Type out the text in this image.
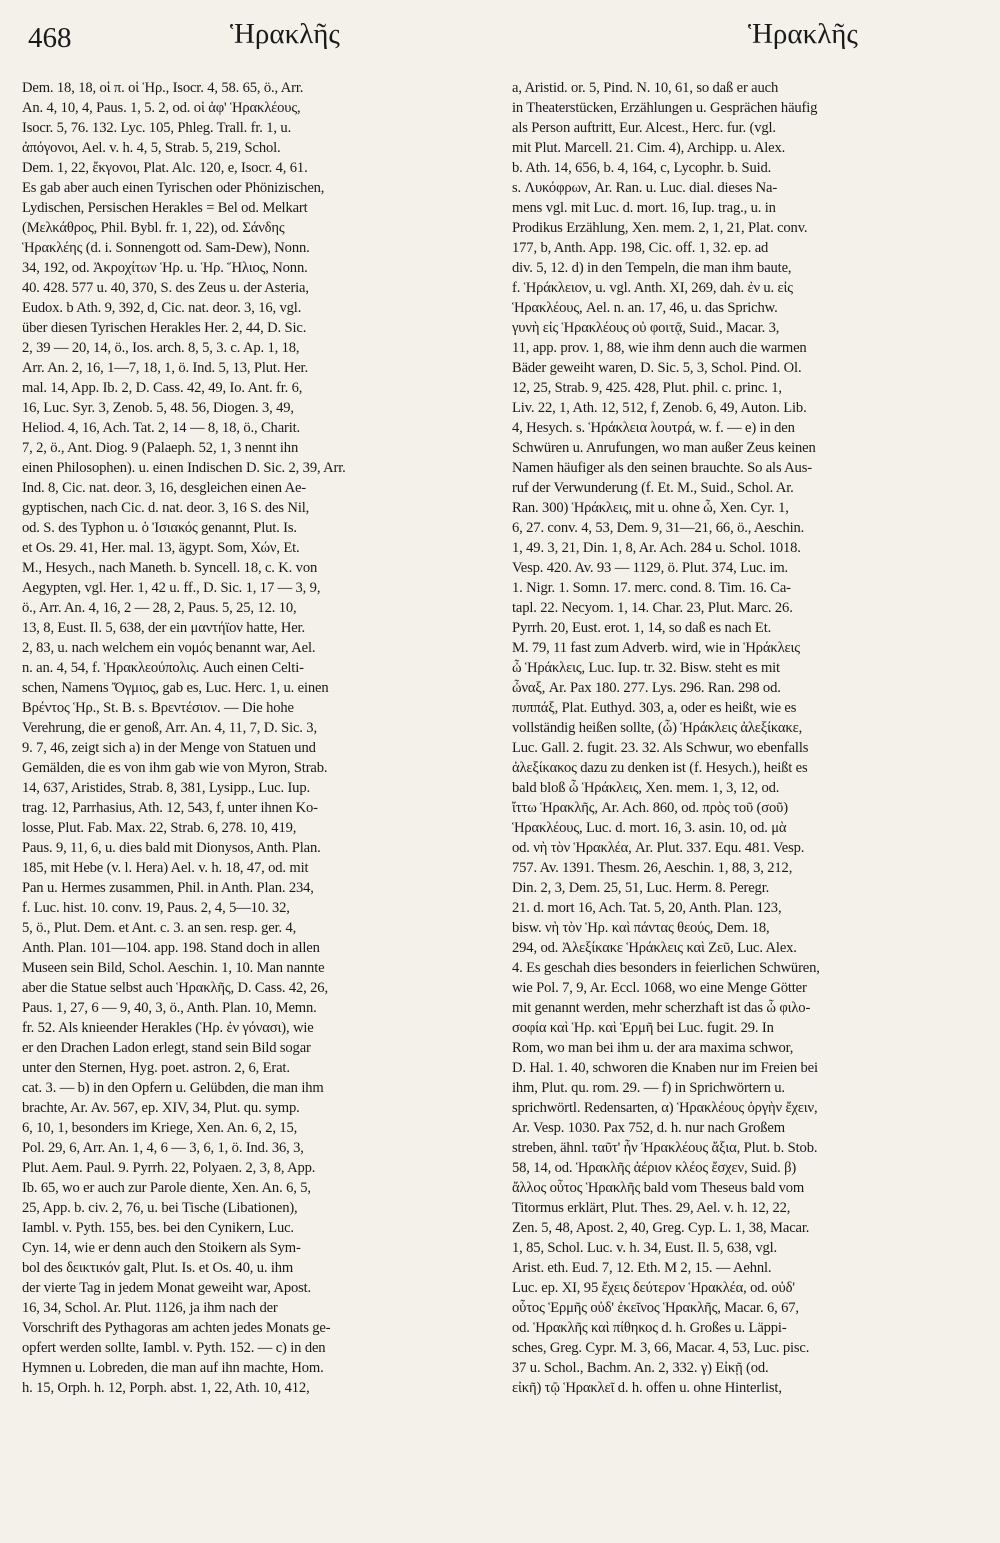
468	Ἡρακλῆς	Ἡρακλῆς
Dem. 18, 18, οἱ π. οἱ Ἡρ., Isocr. 4, 58. 65, ö., Arr.
An. 4, 10, 4, Paus. 1, 5. 2, od. οἱ ἀφ' Ἡρακλέους,
Isocr. 5, 76. 132. Lyc. 105, Phleg. Trall. fr. 1, u.
ἀπόγονοι, Ael. v. h. 4, 5, Strab. 5, 219, Schol.
Dem. 1, 22, ἔκγονοι, Plat. Alc. 120, e, Isocr. 4, 61.
Es gab aber auch einen Tyrischen oder Phönizischen,
Lydischen, Persischen Herakles = Bel od. Melkart
(Μελκάθρος, Phil. Bybl. fr. 1, 22), od. Σάνδης
Ἡρακλέης (d. i. Sonnengott od. Sam-Dew), Nonn.
34, 192, od. Ἀκροχίτων Ἡρ. u. Ἡρ. Ἥλιος, Nonn.
40. 428. 577 u. 40, 370, S. des Zeus u. der Asteria,
Eudox. b Ath. 9, 392, d, Cic. nat. deor. 3, 16, vgl.
über diesen Tyrischen Herakles Her. 2, 44, D. Sic.
2, 39 — 20, 14, ö., Ios. arch. 8, 5, 3. c. Ap. 1, 18,
Arr. An. 2, 16, 1—7, 18, 1, ö. Ind. 5, 13, Plut. Her.
mal. 14, App. Ib. 2, D. Cass. 42, 49, Io. Ant. fr. 6,
16, Luc. Syr. 3, Zenob. 5, 48. 56, Diogen. 3, 49,
Heliod. 4, 16, Ach. Tat. 2, 14 — 8, 18, ö., Charit.
7, 2, ö., Ant. Diog. 9 (Palaeph. 52, 1, 3 nennt ihn
einen Philosophen). u. einen Indischen D. Sic. 2, 39, Arr.
Ind. 8, Cic. nat. deor. 3, 16, desgleichen einen Ae-
gyptischen, nach Cic. d. nat. deor. 3, 16 S. des Nil,
od. S. des Typhon u. ὁ Ἰσιακός genannt, Plut. Is.
et Os. 29. 41, Her. mal. 13, ägypt. Som, Χών, Et.
M., Hesych., nach Maneth. b. Syncell. 18, c. K. von
Aegypten, vgl. Her. 1, 42 u. ff., D. Sic. 1, 17 — 3, 9,
ö., Arr. An. 4, 16, 2 — 28, 2, Paus. 5, 25, 12. 10,
13, 8, Eust. Il. 5, 638, der ein μαντήϊον hatte, Her.
2, 83, u. nach welchem ein νομός benannt war, Ael.
n. an. 4, 54, f. Ἡρακλεούπολις. Auch einen Celti-
schen, Namens Ὄγμιος, gab es, Luc. Herc. 1, u. einen
Βρέντος Ἡρ., St. B. s. Βρεντέσιον. — Die hohe
Verehrung, die er genoß, Arr. An. 4, 11, 7, D. Sic. 3,
9. 7, 46, zeigt sich a) in der Menge von Statuen und
Gemälden, die es von ihm gab wie von Myron, Strab.
14, 637, Aristides, Strab. 8, 381, Lysipp., Luc. Iup.
trag. 12, Parrhasius, Ath. 12, 543, f, unter ihnen Ko-
losse, Plut. Fab. Max. 22, Strab. 6, 278. 10, 419,
Paus. 9, 11, 6, u. dies bald mit Dionysos, Anth. Plan.
185, mit Hebe (v. l. Hera) Ael. v. h. 18, 47, od. mit
Pan u. Hermes zusammen, Phil. in Anth. Plan. 234,
f. Luc. hist. 10. conv. 19, Paus. 2, 4, 5—10. 32,
5, ö., Plut. Dem. et Ant. c. 3. an sen. resp. ger. 4,
Anth. Plan. 101—104. app. 198. Stand doch in allen
Museen sein Bild, Schol. Aeschin. 1, 10. Man nannte
aber die Statue selbst auch Ἡρακλῆς, D. Cass. 42, 26,
Paus. 1, 27, 6 — 9, 40, 3, ö., Anth. Plan. 10, Memn.
fr. 52. Als knieender Herakles (Ἡρ. ἐν γόνασι), wie
er den Drachen Ladon erlegt, stand sein Bild sogar
unter den Sternen, Hyg. poet. astron. 2, 6, Erat.
cat. 3. — b) in den Opfern u. Gelübden, die man ihm
brachte, Ar. Av. 567, ep. XIV, 34, Plut. qu. symp.
6, 10, 1, besonders im Kriege, Xen. An. 6, 2, 15,
Pol. 29, 6, Arr. An. 1, 4, 6 — 3, 6, 1, ö. Ind. 36, 3,
Plut. Aem. Paul. 9. Pyrrh. 22, Polyaen. 2, 3, 8, App.
Ib. 65, wo er auch zur Parole diente, Xen. An. 6, 5,
25, App. b. civ. 2, 76, u. bei Tische (Libationen),
Iambl. v. Pyth. 155, bes. bei den Cynikern, Luc.
Cyn. 14, wie er denn auch den Stoikern als Sym-
bol des δεικτικόν galt, Plut. Is. et Os. 40, u. ihm
der vierte Tag in jedem Monat geweiht war, Apost.
16, 34, Schol. Ar. Plut. 1126, ja ihm nach der
Vorschrift des Pythagoras am achten jedes Monats ge-
opfert werden sollte, Iambl. v. Pyth. 152. — c) in den
Hymnen u. Lobreden, die man auf ihn machte, Hom.
h. 15, Orph. h. 12, Porph. abst. 1, 22, Ath. 10, 412,
a, Aristid. or. 5, Pind. N. 10, 61, so daß er auch
in Theaterstücken, Erzählungen u. Gesprächen häufig
als Person auftritt, Eur. Alcest., Herc. fur. (vgl.
mit Plut. Marcell. 21. Cim. 4), Archipp. u. Alex.
b. Ath. 14, 656, b. 4, 164, c, Lycophr. b. Suid.
s. Λυκόφρων, Ar. Ran. u. Luc. dial. dieses Na-
mens vgl. mit Luc. d. mort. 16, Iup. trag., u. in
Prodikus Erzählung, Xen. mem. 2, 1, 21, Plat. conv.
177, b, Anth. App. 198, Cic. off. 1, 32. ep. ad
div. 5, 12. d) in den Tempeln, die man ihm baute,
f. Ἡράκλειον, u. vgl. Anth. XI, 269, dah. ἐν u. εἰς
Ἡρακλέους, Ael. n. an. 17, 46, u. das Sprichw.
γυνὴ εἰς Ἡρακλέους οὐ φοιτᾷ, Suid., Macar. 3,
11, app. prov. 1, 88, wie ihm denn auch die warmen
Bäder geweiht waren, D. Sic. 5, 3, Schol. Pind. Ol.
12, 25, Strab. 9, 425. 428, Plut. phil. c. princ. 1,
Liv. 22, 1, Ath. 12, 512, f, Zenob. 6, 49, Auton. Lib.
4, Hesych. s. Ἡράκλεια λουτρά, w. f. — e) in den
Schwüren u. Anrufungen, wo man außer Zeus keinen
Namen häufiger als den seinen brauchte. So als Aus-
ruf der Verwunderung (f. Et. M., Suid., Schol. Ar.
Ran. 300) Ἡράκλεις, mit u. ohne ὦ, Xen. Cyr. 1,
6, 27. conv. 4, 53, Dem. 9, 31—21, 66, ö., Aeschin.
1, 49. 3, 21, Din. 1, 8, Ar. Ach. 284 u. Schol. 1018.
Vesp. 420. Av. 93 — 1129, ö. Plut. 374, Luc. im.
1. Nigr. 1. Somn. 17. merc. cond. 8. Tim. 16. Ca-
tapl. 22. Necyom. 1, 14. Char. 23, Plut. Marc. 26.
Pyrrh. 20, Eust. erot. 1, 14, so daß es nach Et.
M. 79, 11 fast zum Adverb. wird, wie in Ἡράκλεις
ὦ Ἡράκλεις, Luc. Iup. tr. 32. Bisw. steht es mit
ὦναξ, Ar. Pax 180. 277. Lys. 296. Ran. 298 od.
πυππάξ, Plat. Euthyd. 303, a, oder es heißt, wie es
vollständig heißen sollte, (ὦ) Ἡράκλεις ἀλεξίκακε,
Luc. Gall. 2. fugit. 23. 32. Als Schwur, wo ebenfalls
ἀλεξίκακος dazu zu denken ist (f. Hesych.), heißt es
bald bloß ὦ Ἡράκλεις, Xen. mem. 1, 3, 12, od.
ἴττω Ἡρακλῆς, Ar. Ach. 860, od. πρὸς τοῦ (σοῦ)
Ἡρακλέους, Luc. d. mort. 16, 3. asin. 10, od. μὰ
od. νὴ τὸν Ἡρακλέα, Ar. Plut. 337. Equ. 481. Vesp.
757. Av. 1391. Thesm. 26, Aeschin. 1, 88, 3, 212,
Din. 2, 3, Dem. 25, 51, Luc. Herm. 8. Peregr.
21. d. mort 16, Ach. Tat. 5, 20, Anth. Plan. 123,
bisw. νὴ τὸν Ἡρ. καὶ πάντας θεούς, Dem. 18,
294, od. Ἀλεξίκακε Ἡράκλεις καὶ Ζεῦ, Luc. Alex.
4. Es geschah dies besonders in feierlichen Schwüren,
wie Pol. 7, 9, Ar. Eccl. 1068, wo eine Menge Götter
mit genannt werden, mehr scherzhaft ist das ὦ φιλο-
σοφία καὶ Ἡρ. καὶ Ἑρμῆ bei Luc. fugit. 29. In
Rom, wo man bei ihm u. der ara maxima schwor,
D. Hal. 1. 40, schworen die Knaben nur im Freien bei
ihm, Plut. qu. rom. 29. — f) in Sprichwörtern u.
sprichwörtl. Redensarten, α) Ἡρακλέους ὀργὴν ἔχειν,
Ar. Vesp. 1030. Pax 752, d. h. nur nach Großem
streben, ähnl. ταῦτ' ἦν Ἡρακλέους ἄξια, Plut. b. Stob.
58, 14, od. Ἡρακλῆς ἀέριον κλέος ἔσχεν, Suid. β)
ἄλλος οὗτος Ἡρακλῆς bald vom Theseus bald vom
Titormus erklärt, Plut. Thes. 29, Ael. v. h. 12, 22,
Zen. 5, 48, Apost. 2, 40, Greg. Cyp. L. 1, 38, Macar.
1, 85, Schol. Luc. v. h. 34, Eust. Il. 5, 638, vgl.
Arist. eth. Eud. 7, 12. Eth. M 2, 15. — Aehnl.
Luc. ep. XI, 95 ἔχεις δεύτερον Ἡρακλέα, od. οὐδ'
οὗτος Ἑρμῆς οὐδ' ἐκεῖνος Ἡρακλῆς, Macar. 6, 67,
od. Ἡρακλῆς καὶ πίθηκος d. h. Großes u. Läppi-
sches, Greg. Cypr. M. 3, 66, Macar. 4, 53, Luc. pisc.
37 u. Schol., Bachm. An. 2, 332. γ) Εἰκῇ (od.
εἰκῆ) τῷ Ἡρακλεῖ d. h. offen u. ohne Hinterlist,
